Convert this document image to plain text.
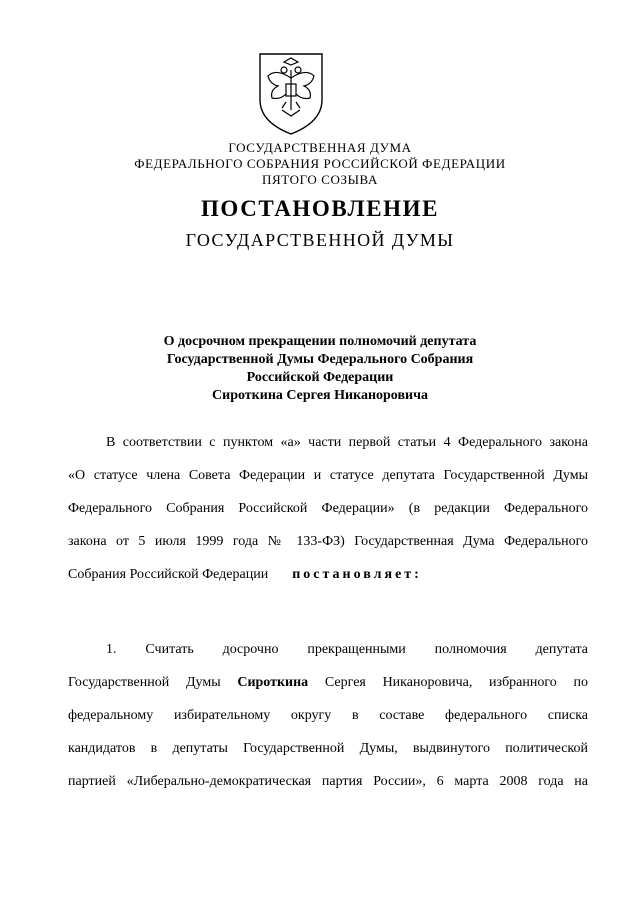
ГОСУДАРСТВЕННАЯ ДУМА
ФЕДЕРАЛЬНОГО СОБРАНИЯ РОССИЙСКОЙ ФЕДЕРАЦИИ
ПЯТОГО СОЗЫВА
ПОСТАНОВЛЕНИЕ
ГОСУДАРСТВЕННОЙ ДУМЫ
О досрочном прекращении полномочий депутата
Государственной Думы Федерального Собрания
Российской Федерации
Сироткина Сергея Никаноровича
В соответствии с пунктом «а» части первой статьи 4 Федерального закона
«О статусе члена Совета Федерации и статусе депутата Государственной Думы
Федерального Собрания Российской Федерации» (в редакции Федерального
закона от 5 июля 1999 года № 133-ФЗ) Государственная Дума Федерального
Собрания Российской Федерации постановляет:
1. Считать досрочно прекращенными полномочия депутата
Государственной Думы Сироткина Сергея Никаноровича, избранного по
федеральному избирательному округу в составе федерального списка
кандидатов в депутаты Государственной Думы, выдвинутого политической
партией «Либерально-демократическая партия России», 6 марта 2008 года на
